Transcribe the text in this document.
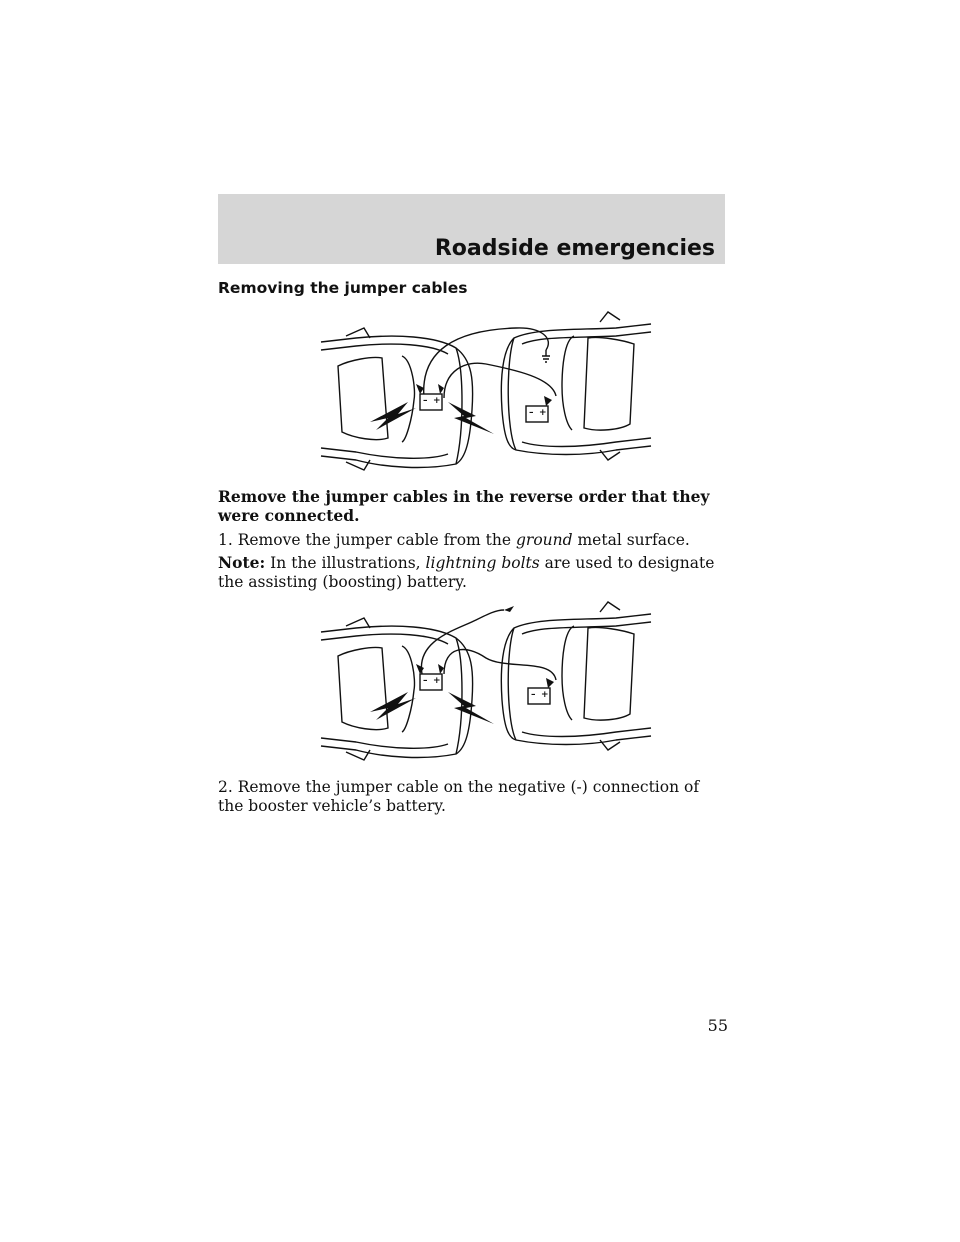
Roadside emergencies
Removing the jumper cables
– +
– +
Remove the jumper cables in the reverse order that they were connected.
1. Remove the jumper cable from the ground metal surface.
Note: In the illustrations, lightning bolts are used to designate the assisting (boosting) battery.
– +
– +
2. Remove the jumper cable on the negative (-) connection of the booster vehicle’s battery.
55
